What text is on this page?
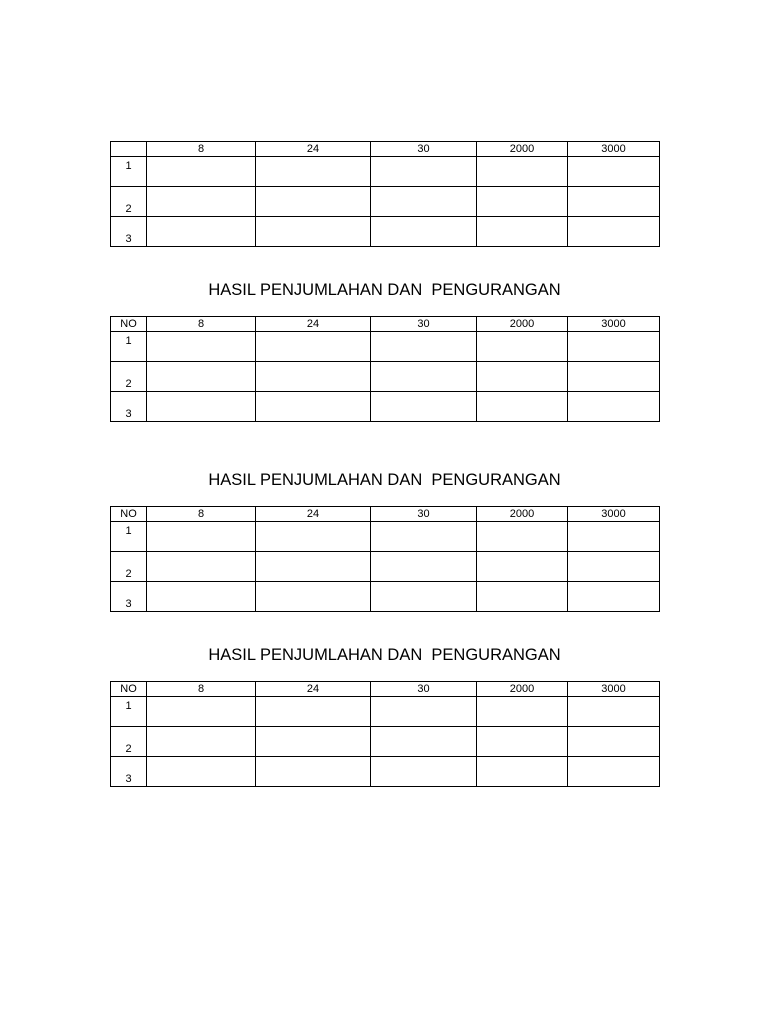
	8	24	30	2000	3000
1					
2					
3					
HASIL PENJUMLAHAN DAN  PENGURANGAN
NO	8	24	30	2000	3000
1					
2					
3					
HASIL PENJUMLAHAN DAN  PENGURANGAN
NO	8	24	30	2000	3000
1					
2					
3					
HASIL PENJUMLAHAN DAN  PENGURANGAN
NO	8	24	30	2000	3000
1					
2					
3					
